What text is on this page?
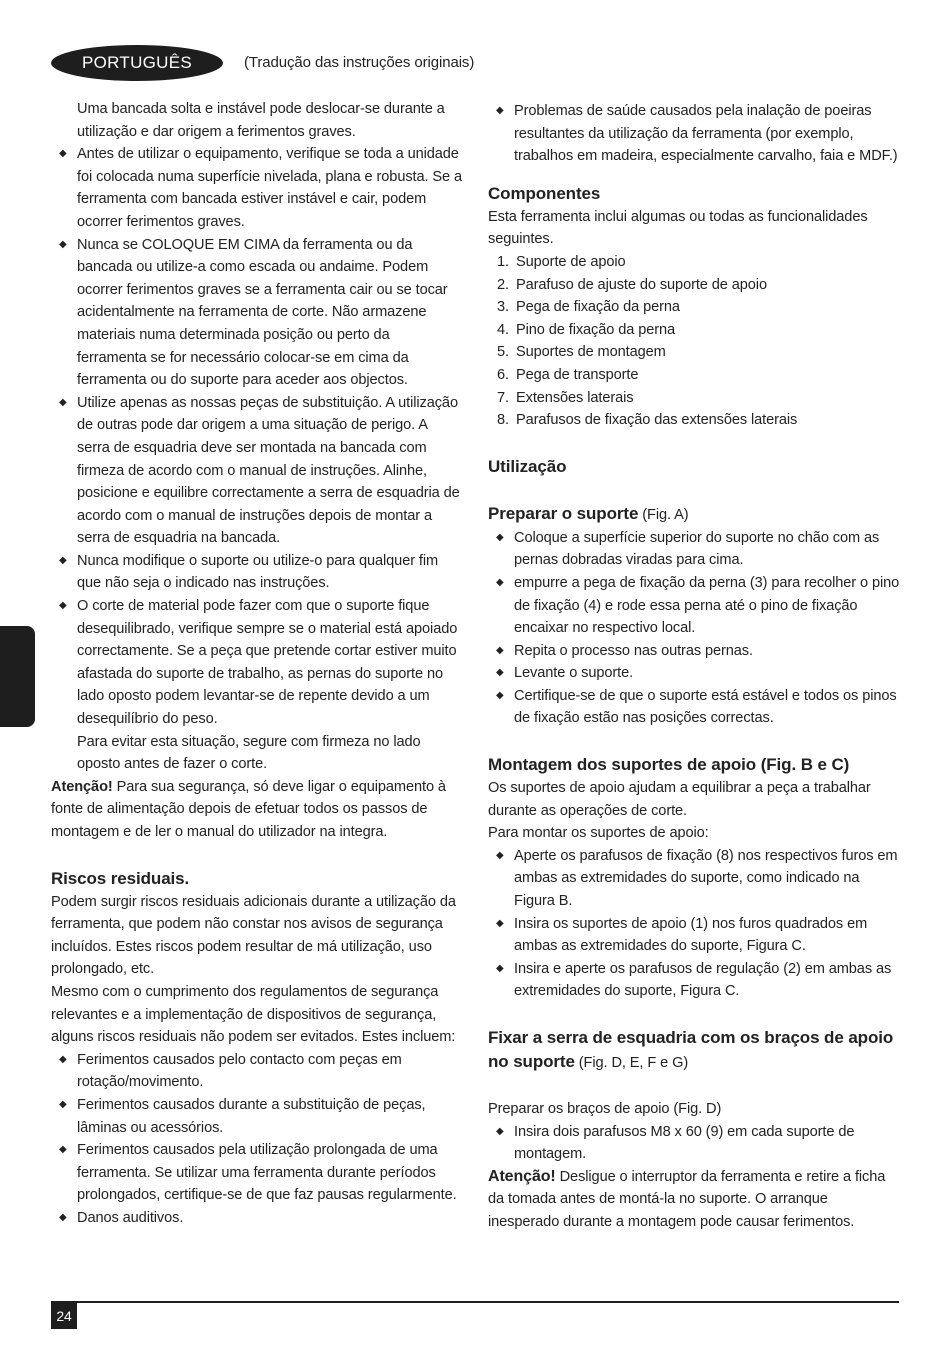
PORTUGUÊS	(Tradução das instruções originais)

Uma bancada solta e instável pode deslocar-se durante a utilização e dar origem a ferimentos graves.

◆ Antes de utilizar o equipamento, verifique se toda a unidade foi colocada numa superfície nivelada, plana e robusta. Se a ferramenta com bancada estiver instável e cair, podem ocorrer ferimentos graves.
◆ Nunca se COLOQUE EM CIMA da ferramenta ou da bancada ou utilize-a como escada ou andaime. Podem ocorrer ferimentos graves se a ferramenta cair ou se tocar acidentalmente na ferramenta de corte. Não armazene materiais numa determinada posição ou perto da ferramenta se for necessário colocar-se em cima da ferramenta ou do suporte para aceder aos objectos.
◆ Utilize apenas as nossas peças de substituição. A utilização de outras pode dar origem a uma situação de perigo. A serra de esquadria deve ser montada na bancada com firmeza de acordo com o manual de instruções. Alinhe, posicione e equilibre correctamente a serra de esquadria de acordo com o manual de instruções depois de montar a serra de esquadria na bancada.
◆ Nunca modifique o suporte ou utilize-o para qualquer fim que não seja o indicado nas instruções.
◆ O corte de material pode fazer com que o suporte fique desequilibrado, verifique sempre se o material está apoiado correctamente. Se a peça que pretende cortar estiver muito afastada do suporte de trabalho, as pernas do suporte no lado oposto podem levantar-se de repente devido a um desequilíbrio do peso.

Para evitar esta situação, segure com firmeza no lado oposto antes de fazer o corte.

Atenção! Para sua segurança, só deve ligar o equipamento à fonte de alimentação depois de efetuar todos os passos de montagem e de ler o manual do utilizador na integra.

Riscos residuais.

Podem surgir riscos residuais adicionais durante a utilização da ferramenta, que podem não constar nos avisos de segurança incluídos. Estes riscos podem resultar de má utilização, uso prolongado, etc.

Mesmo com o cumprimento dos regulamentos de segurança relevantes e a implementação de dispositivos de segurança, alguns riscos residuais não podem ser evitados. Estes incluem:

◆ Ferimentos causados pelo contacto com peças em rotação/movimento.
◆ Ferimentos causados durante a substituição de peças, lâminas ou acessórios.
◆ Ferimentos causados pela utilização prolongada de uma ferramenta. Se utilizar uma ferramenta durante períodos prolongados, certifique-se de que faz pausas regularmente.
◆ Danos auditivos.
◆ Problemas de saúde causados pela inalação de poeiras resultantes da utilização da ferramenta (por exemplo, trabalhos em madeira, especialmente carvalho, faia e MDF.)
Componentes

Esta ferramenta inclui algumas ou todas as funcionalidades seguintes.

1. Suporte de apoio
2. Parafuso de ajuste do suporte de apoio
3. Pega de fixação da perna
4. Pino de fixação da perna
5. Suportes de montagem
6. Pega de transporte
7. Extensões laterais
8. Parafusos de fixação das extensões laterais
Utilização
Preparar o suporte (Fig. A)
◆ Coloque a superfície superior do suporte no chão com as pernas dobradas viradas para cima.
◆ empurre a pega de fixação da perna (3) para recolher o pino de fixação (4) e rode essa perna até o pino de fixação encaixar no respectivo local.
◆ Repita o processo nas outras pernas.
◆ Levante o suporte.
◆ Certifique-se de que o suporte está estável e todos os pinos de fixação estão nas posições correctas.
Montagem dos suportes de apoio (Fig. B e C)

Os suportes de apoio ajudam a equilibrar a peça a trabalhar durante as operações de corte.

Para montar os suportes de apoio:

◆ Aperte os parafusos de fixação (8) nos respectivos furos em ambas as extremidades do suporte, como indicado na Figura B.
◆ Insira os suportes de apoio (1) nos furos quadrados em ambas as extremidades do suporte, Figura C.
◆ Insira e aperte os parafusos de regulação (2) em ambas as extremidades do suporte, Figura C.
Fixar a serra de esquadria com os braços de apoio no suporte (Fig. D, E, F e G)

Preparar os braços de apoio (Fig. D)

◆ Insira dois parafusos M8 x 60 (9) em cada suporte de montagem.

Atenção! Desligue o interruptor da ferramenta e retire a ficha da tomada antes de montá-la no suporte. O arranque inesperado durante a montagem pode causar ferimentos.

24
